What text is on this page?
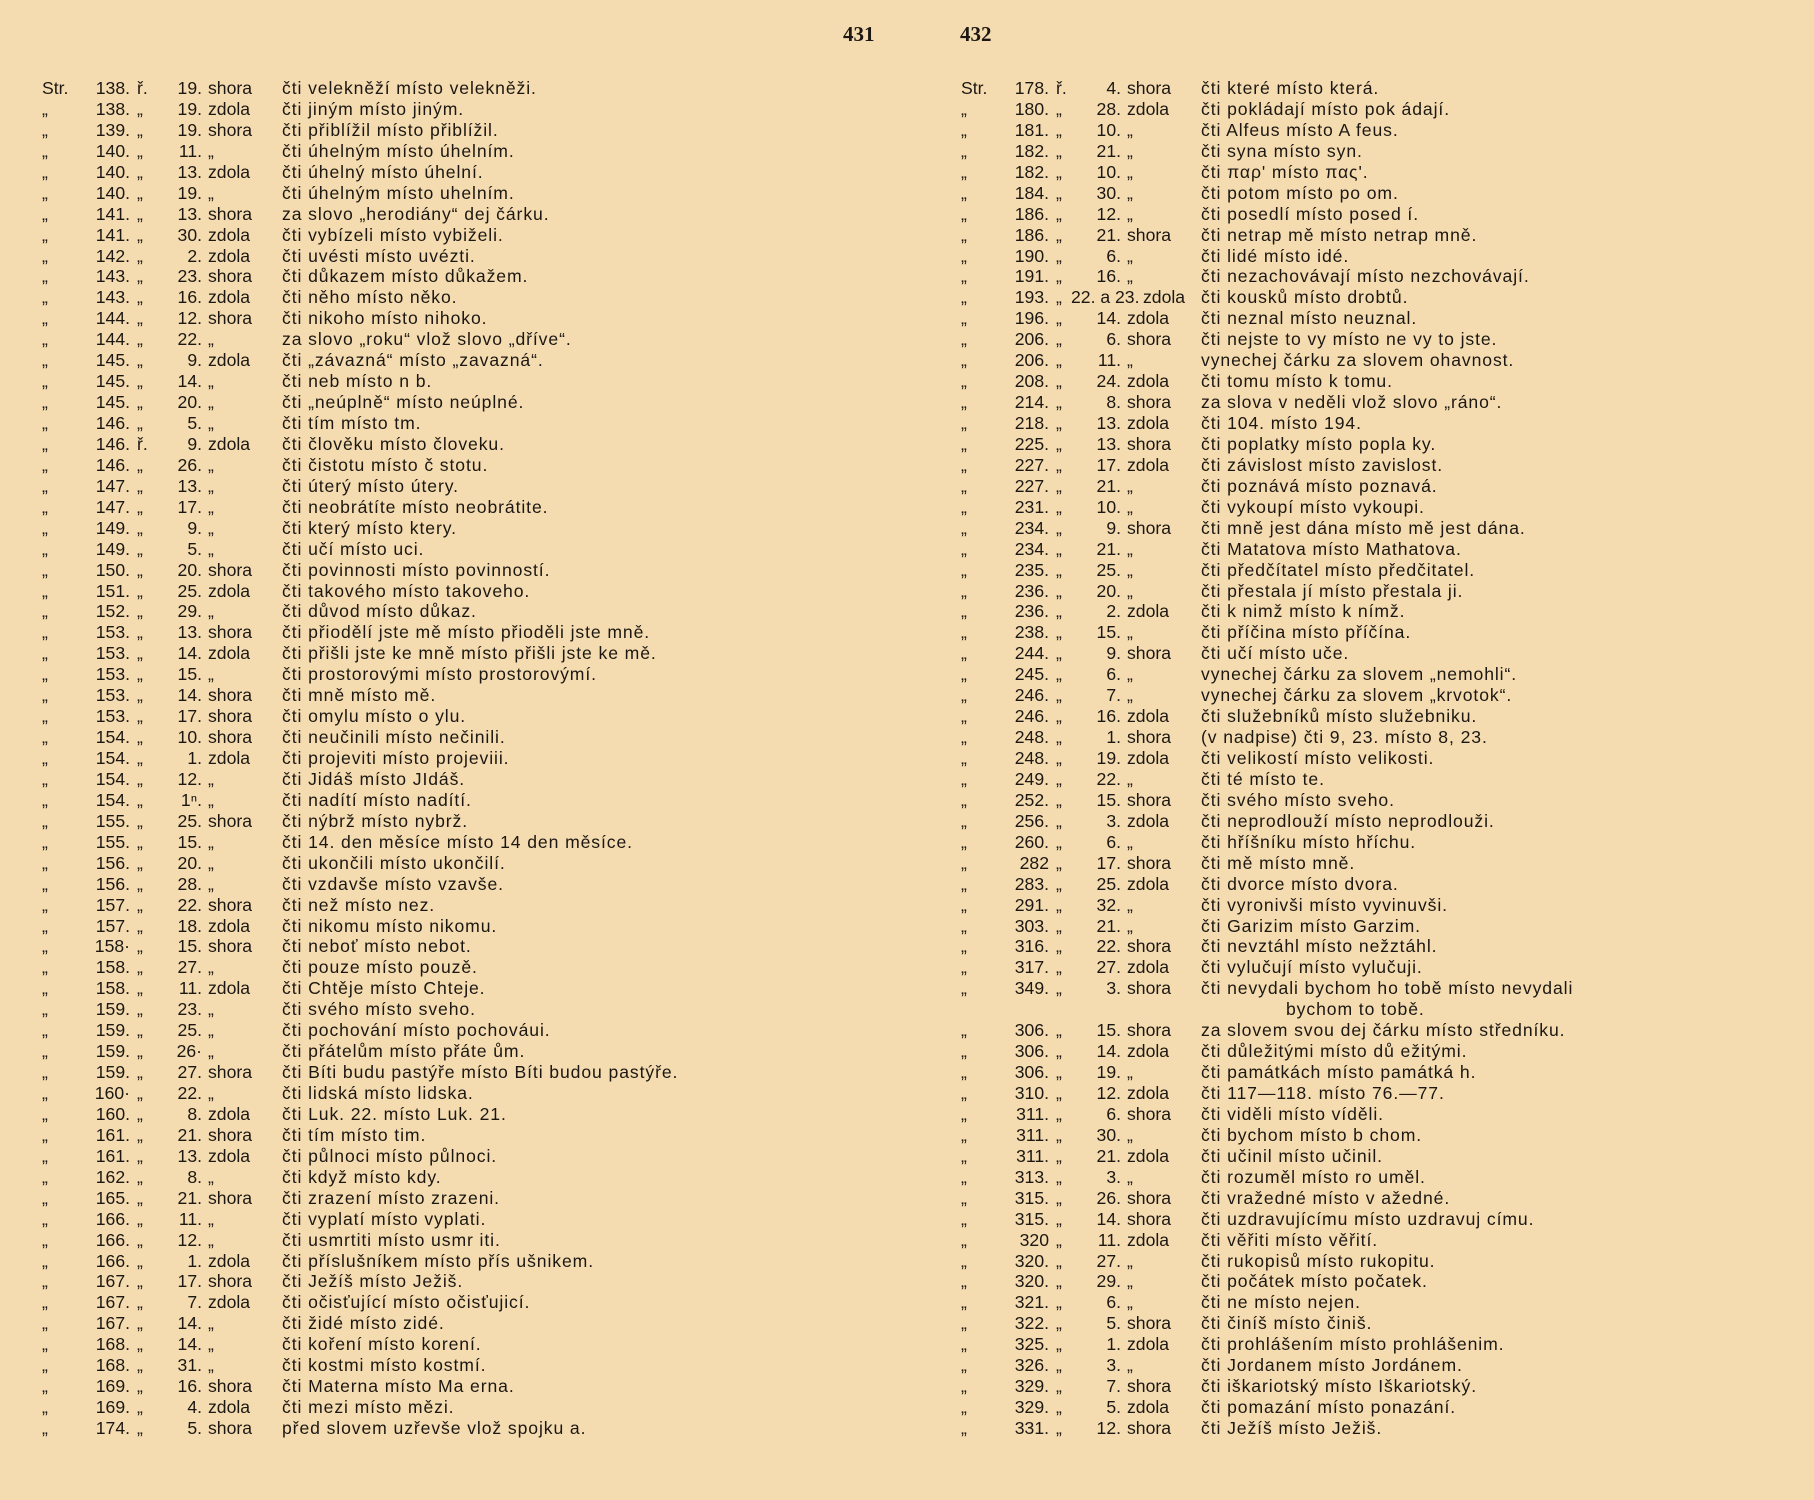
431	432
Str.	138. ř.	19. shora čti velekněží místo velekněži.
„	138. „	19. zdola čti jiným místo jiným.
„	139. „	19. shora čti přiblížil místo přiblížil.
„	140. „	11. „	čti úhelným místo úhelním.
„	140. „	13. zdola čti úhelný místo úhelní.
„	140. „	19. „	čti úhelným místo uhelním.
„	141. „	13. shora za slovo „herodiány“ dej čárku.
„	141. „	30. zdola čti vybízeli místo vybiželi.
„	142. „	2. zdola čti uvésti místo uvézti.
„	143. „	23. shora čti důkazem místo důkažem.
„	143. „	16. zdola čti něho místo něko.
„	144. „	12. shora čti nikoho místo nihoko.
„	144. „	22. „	za slovo „roku“ vlož slovo „dříve“.
„	145. „	9. zdola čti „závazná“ místo „zavazná“.
„	145. „	14. „	čti neb místo n b.
„	145. „	20. „	čti „neúplně“ místo neúplné.
„	146. „	5. „	čti tím místo tm.
„	146. ř.	9. zdola čti člověku místo človeku.
„	146. „	26. „	čti čistotu místo č stotu.
„	147. „	13. „	čti úterý místo útery.
„	147. „	17. „	čti neobrátíte místo neobrátite.
„	149. „	9. „	čti který místo ktery.
„	149. „	5. „	čti učí místo uci.
„	150. „	20. shora čti povinnosti místo povinností.
„	151. „	25. zdola čti takového místo takoveho.
„	152. „	29. „	čti důvod místo důkaz.
„	153. „	13. shora čti přiodělí jste mě místo přioděli jste mně.
„	153. „	14. zdola čti přišli jste ke mně místo přišli jste ke mě.
„	153. „	15. „	čti prostorovými místo prostorovýmí.
„	153. „	14. shora čti mně místo mě.
„	153. „	17. shora čti omylu místo o ylu.
„	154. „	10. shora čti neučinili místo nečinili.
„	154. „	1. zdola čti projeviti místo projeviii.
„	154. „	12. „	čti Jidáš místo JIdáš.
„	154. „	1ⁿ. „	čti nadítí místo nadítí.
„	155. „	25. shora čti nýbrž místo nybrž.
„	155. „	15. „	čti 14. den měsíce místo 14 den měsíce.
„	156. „	20. „	čti ukončili místo ukončilí.
„	156. „	28. „	čti vzdavše místo vzavše.
„	157. „	22. shora čti než místo nez.
„	157. „	18. zdola čti nikomu místo nikomu.
„	158· „	15. shora čti neboť místo nebot.
„	158. „	27. „	čti pouze místo pouzě.
„	158. „	11. zdola čti Chtěje místo Chteje.
„	159. „	23. „	čti svého místo sveho.
„	159. „	25. „	čti pochování místo pochováui.
„	159. „	26· „	čti přátelům místo přáte ům.
„	159. „	27. shora čti Bíti budu pastýře místo Bíti budou pastýře.
„	160· „	22. „	čti lidská místo lidska.
„	160. „	8. zdola čti Luk. 22. místo Luk. 21.
„	161. „	21. shora čti tím místo tim.
„	161. „	13. zdola čti půlnoci místo půlnoci.
„	162. „	8. „	čti když místo kdy.
„	165. „	21. shora čti zrazení místo zrazeni.
„	166. „	11. „	čti vyplatí místo vyplati.
„	166. „	12. „	čti usmrtiti místo usmr iti.
„	166. „	1. zdola čti příslušníkem místo přís ušnikem.
„	167. „	17. shora čti Ježíš místo Ježiš.
„	167. „	7. zdola čti očisťující místo očisťujicí.
„	167. „	14. „	čti židé místo zidé.
„	168. „	14. „	čti koření místo korení.
„	168. „	31. „	čti kostmi místo kostmí.
„	169. „	16. shora čti Materna místo Ma erna.
„	169. „	4. zdola čti mezi místo mězi.
„	174. „	5. shora před slovem uzřevše vlož spojku a.
Str.	178. ř.	4. shora čti které místo která.
„	180. „	28. zdola čti pokládají místo pok ádají.
„	181. „	10. „	čti Alfeus místo A feus.
„	182. „	21. „	čti syna místo syn.
„	182. „	10. „	čti παρ' místo πας'.
„	184. „	30. „	čti potom místo po om.
„	186. „	12. „	čti posedlí místo posed í.
„	186. „	21. shora čti netrap mě místo netrap mně.
„	190. „	6. „	čti lidé místo idé.
„	191. „	16. „	čti nezachovávají místo nezchovávají.
„	193. „ 22. a 23. zdola čti kousků místo drobtů.
„	196. „	14. zdola čti neznal místo neuznal.
„	206. „	6. shora čti nejste to vy místo ne vy to jste.
„	206. „	11. „	vynechej čárku za slovem ohavnost.
„	208. „	24. zdola čti tomu místo k tomu.
„	214. „	8. shora za slova v neděli vlož slovo „ráno“.
„	218. „	13. zdola čti 104. místo 194.
„	225. „	13. shora čti poplatky místo popla ky.
„	227. „	17. zdola čti závislost místo zavislost.
„	227. „	21. „	čti poznává místo poznavá.
„	231. „	10. „	čti vykoupí místo vykoupi.
„	234. „	9. shora čti mně jest dána místo mě jest dána.
„	234. „	21. „	čti Matatova místo Mathatova.
„	235. „	25. „	čti předčítatel místo předčitatel.
„	236. „	20. „	čti přestala jí místo přestala ji.
„	236. „	2. zdola čti k nimž místo k nímž.
„	238. „	15. „	čti příčina místo příčína.
„	244. „	9. shora čti učí místo uče.
„	245. „	6. „	vynechej čárku za slovem „nemohli“.
„	246. „	7. „	vynechej čárku za slovem „krvotok“.
„	246. „	16. zdola čti služebníků místo služebniku.
„	248. „	1. shora (v nadpise) čti 9, 23. místo 8, 23.
„	248. „	19. zdola čti velikostí místo velikosti.
„	249. „	22. „	čti té místo te.
„	252. „	15. shora čti svého místo sveho.
„	256. „	3. zdola čti neprodlouží místo neprodlouži.
„	260. „	6. „	čti hříšníku místo hříchu.
„	282 „	17. shora čti mě místo mně.
„	283. „	25. zdola čti dvorce místo dvora.
„	291. „	32. „	čti vyronivši místo vyvinuvši.
„	303. „	21. „	čti Garizim místo Garzim.
„	316. „	22. shora čti nevztáhl místo nežztáhl.
„	317. „	27. zdola čti vylučují místo vylučuji.
„	349. „	3. shora čti nevydali bychom ho tobě místo nevydali
bychom to tobě.
„	306. „	15. shora za slovem svou dej čárku místo středníku.
„	306. „	14. zdola čti důležitými místo dů ežitými.
„	306. „	19. „	čti památkách místo památká h.
„	310. „	12. zdola čti 117—118. místo 76.—77.
„	311. „	6. shora čti viděli místo víděli.
„	311. „	30. „	čti bychom místo b chom.
„	311. „	21. zdola čti učinil místo učinil.
„	313. „	3. „	čti rozuměl místo ro uměl.
„	315. „	26. shora čti vražedné místo v ažedné.
„	315. „	14. shora čti uzdravujícímu místo uzdravuj címu.
„	320 „	11. zdola čti věřiti místo věřití.
„	320. „	27. „	čti rukopisů místo rukopitu.
„	320. „	29. „	čti počátek místo počatek.
„	321. „	6. „	čti ne místo nejen.
„	322. „	5. shora čti činíš místo činiš.
„	325. „	1. zdola čti prohlášením místo prohlášenim.
„	326. „	3. „	čti Jordanem místo Jordánem.
„	329. „	7. shora čti iškariotský místo Iškariotský.
„	329. „	5. zdola čti pomazání místo ponazání.
„	331. „	12. shora čti Ježíš místo Ježiš.
